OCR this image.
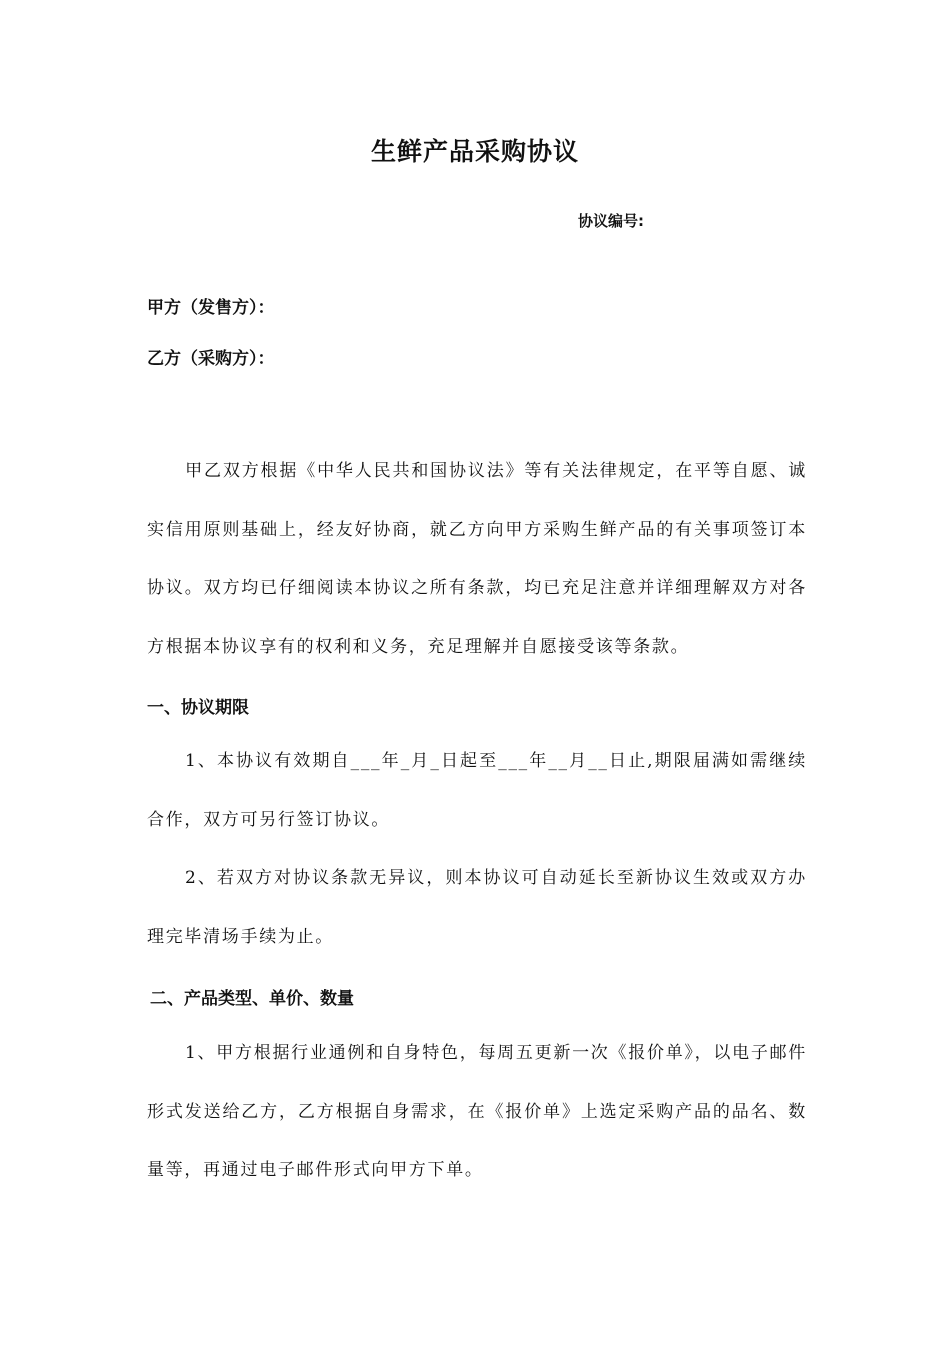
生鲜产品采购协议
协议编号:
甲方（发售方）：
乙方（采购方）：

甲乙双方根据《中华人民共和国协议法》等有关法律规定，在平等自愿、诚实信用原则基础上，经友好协商，就乙方向甲方采购生鲜产品的有关事项签订本协议。双方均已仔细阅读本协议之所有条款，均已充足注意并详细理解双方对各方根据本协议享有的权利和义务，充足理解并自愿接受该等条款。

一、协议期限

1、本协议有效期自___年_月_日起至___年__月__日止,期限届满如需继续合作，双方可另行签订协议。

2、若双方对协议条款无异议，则本协议可自动延长至新协议生效或双方办理完毕清场手续为止。

二、产品类型、单价、数量

1、甲方根据行业通例和自身特色，每周五更新一次《报价单》，以电子邮件形式发送给乙方，乙方根据自身需求，在《报价单》上选定采购产品的品名、数量等，再通过电子邮件形式向甲方下单。
